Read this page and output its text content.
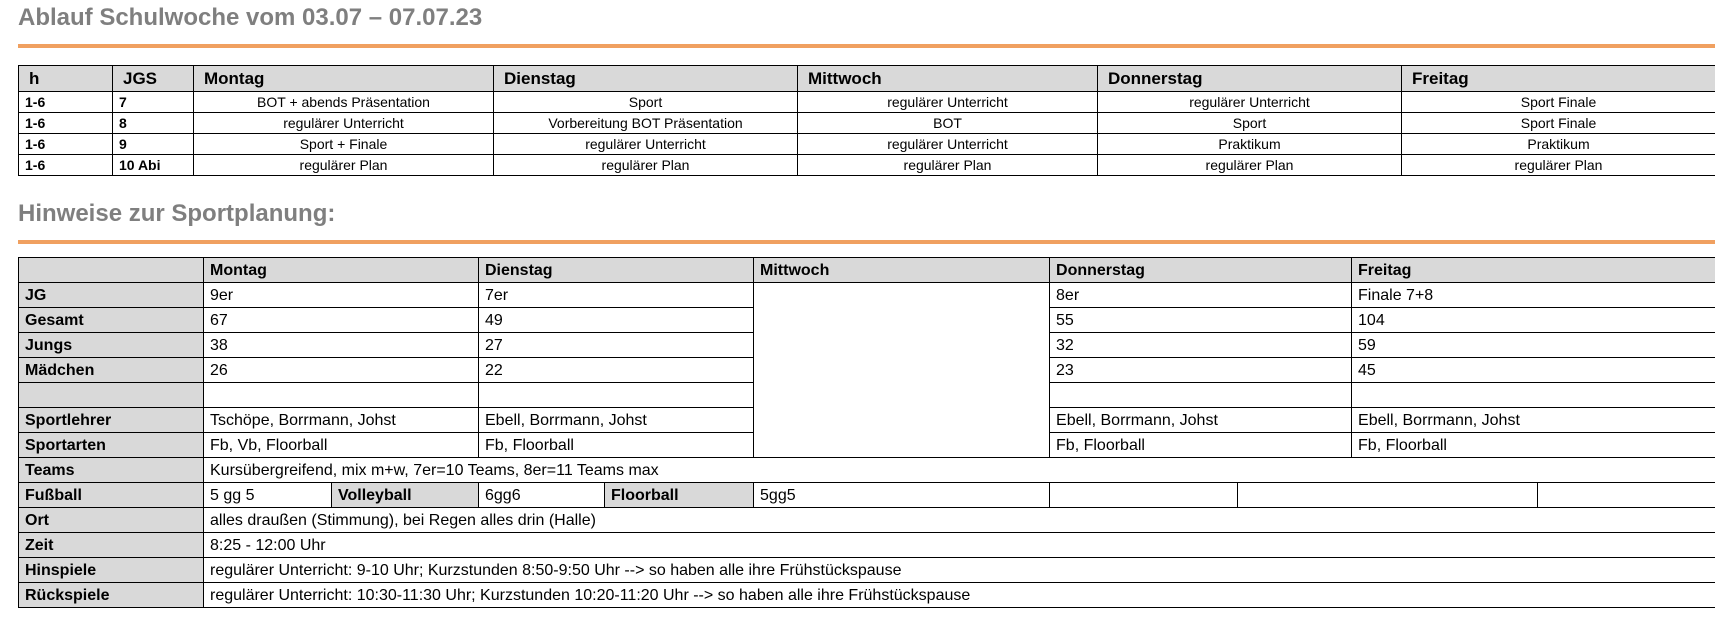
Ablauf Schulwoche vom 03.07 – 07.07.23
h	JGS	Montag	Dienstag	Mittwoch	Donnerstag	Freitag
1-6	7	BOT + abends Präsentation	Sport	regulärer Unterricht	regulärer Unterricht	Sport Finale
1-6	8	regulärer Unterricht	Vorbereitung BOT Präsentation	BOT	Sport	Sport Finale
1-6	9	Sport + Finale	regulärer Unterricht	regulärer Unterricht	Praktikum	Praktikum
1-6	10 Abi	regulärer Plan	regulärer Plan	regulärer Plan	regulärer Plan	regulärer Plan
Hinweise zur Sportplanung:
	Montag		Dienstag		Mittwoch	Donnerstag		Freitag	
JG	9er		7er			8er		Finale 7+8	
Gesamt	67		49			55		104	
Jungs	38		27			32		59	
Mädchen	26		22			23		45	

Sportlehrer	Tschöpe, Borrmann, Johst		Ebell, Borrmann, Johst			Ebell, Borrmann, Johst		Ebell, Borrmann, Johst	
Sportarten	Fb, Vb, Floorball		Fb, Floorball			Fb, Floorball		Fb, Floorball	
Teams	Kursübergreifend, mix m+w, 7er=10 Teams, 8er=11 Teams max								
Fußball	5 gg 5	Volleyball	6gg6	Floorball	5gg5				
Ort	alles draußen (Stimmung), bei Regen alles drin (Halle)								
Zeit	8:25 - 12:00 Uhr								
Hinspiele	regulärer Unterricht: 9-10 Uhr; Kurzstunden 8:50-9:50 Uhr --> so haben alle ihre Frühstückspause								
Rückspiele	regulärer Unterricht: 10:30-11:30 Uhr; Kurzstunden 10:20-11:20 Uhr --> so haben alle ihre Frühstückspause								
